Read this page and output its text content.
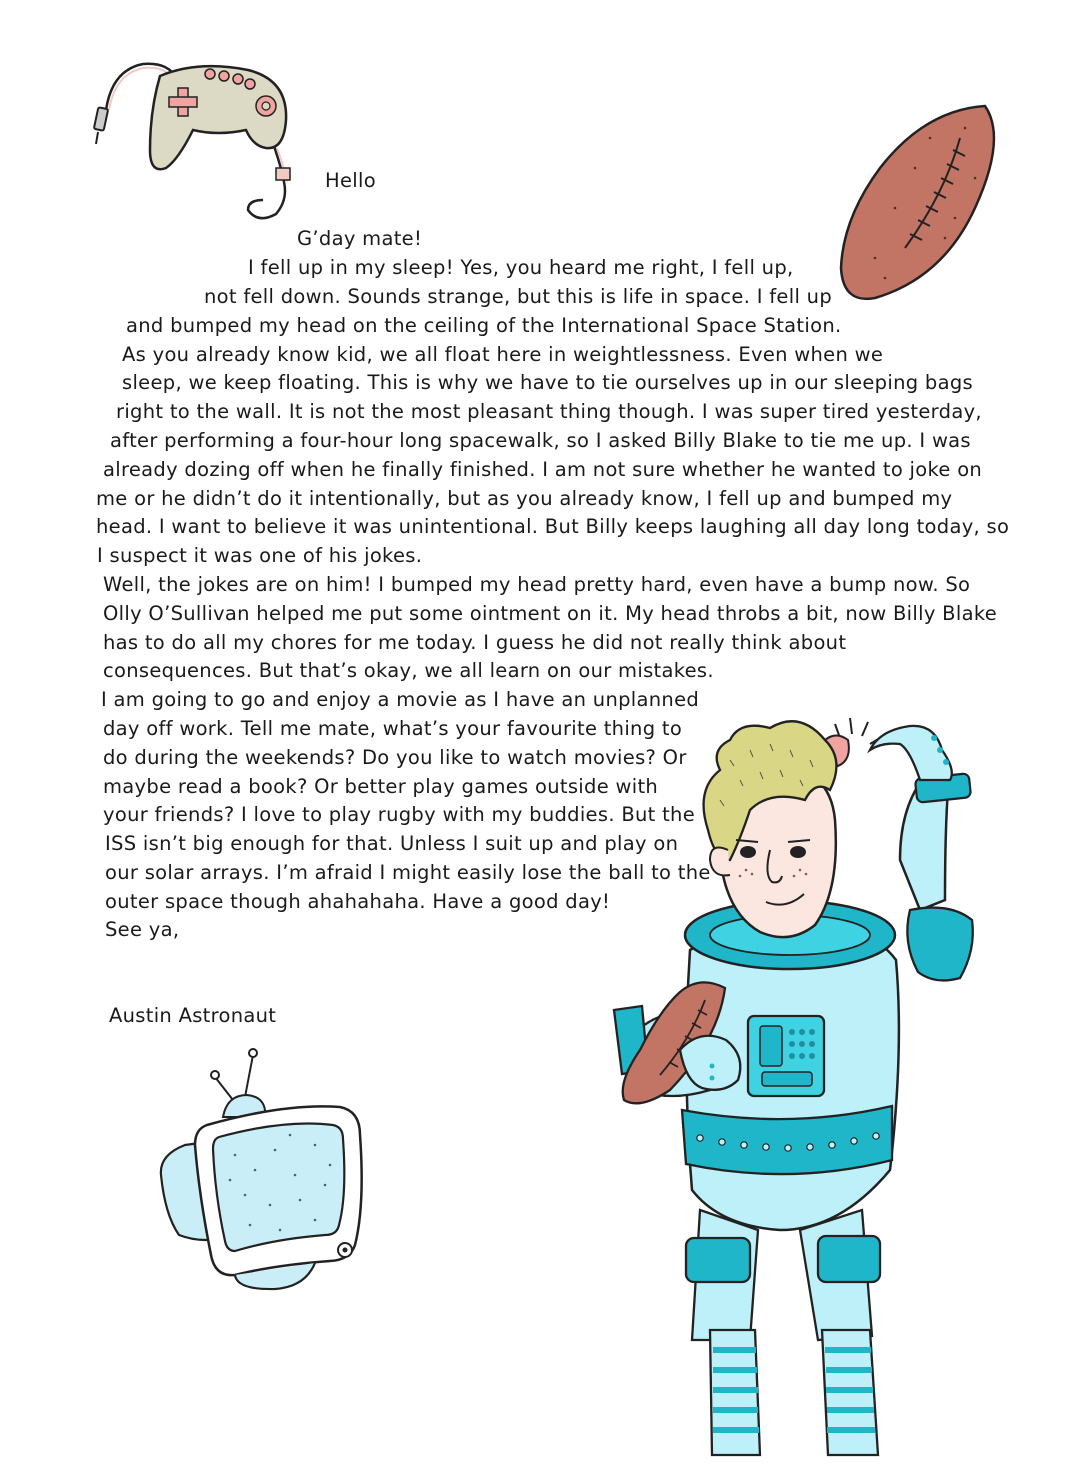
Hello
G’day mate!
I fell up in my sleep! Yes, you heard me right, I fell up,
not fell down. Sounds strange, but this is life in space. I fell up
and bumped my head on the ceiling of the International Space Station.
As you already know kid, we all float here in weightlessness. Even when we
sleep, we keep floating. This is why we have to tie ourselves up in our sleeping bags
right to the wall. It is not the most pleasant thing though. I was super tired yesterday,
after performing a four-hour long spacewalk, so I asked Billy Blake to tie me up. I was
already dozing off when he finally finished. I am not sure whether he wanted to joke on
me or he didn’t do it intentionally, but as you already know, I fell up and bumped my
head. I want to believe it was unintentional. But Billy keeps laughing all day long today, so
I suspect it was one of his jokes.
Well, the jokes are on him! I bumped my head pretty hard, even have a bump now. So
Olly O’Sullivan helped me put some ointment on it. My head throbs a bit, now Billy Blake
has to do all my chores for me today. I guess he did not really think about
consequences. But that’s okay, we all learn on our mistakes.
I am going to go and enjoy a movie as I have an unplanned
day off work. Tell me mate, what’s your favourite thing to
do during the weekends? Do you like to watch movies? Or
maybe read a book? Or better play games outside with
your friends? I love to play rugby with my buddies. But the
ISS isn’t big enough for that. Unless I suit up and play on
our solar arrays. I’m afraid I might easily lose the ball to the
outer space though ahahahaha. Have a good day!
See ya,
Austin Astronaut
